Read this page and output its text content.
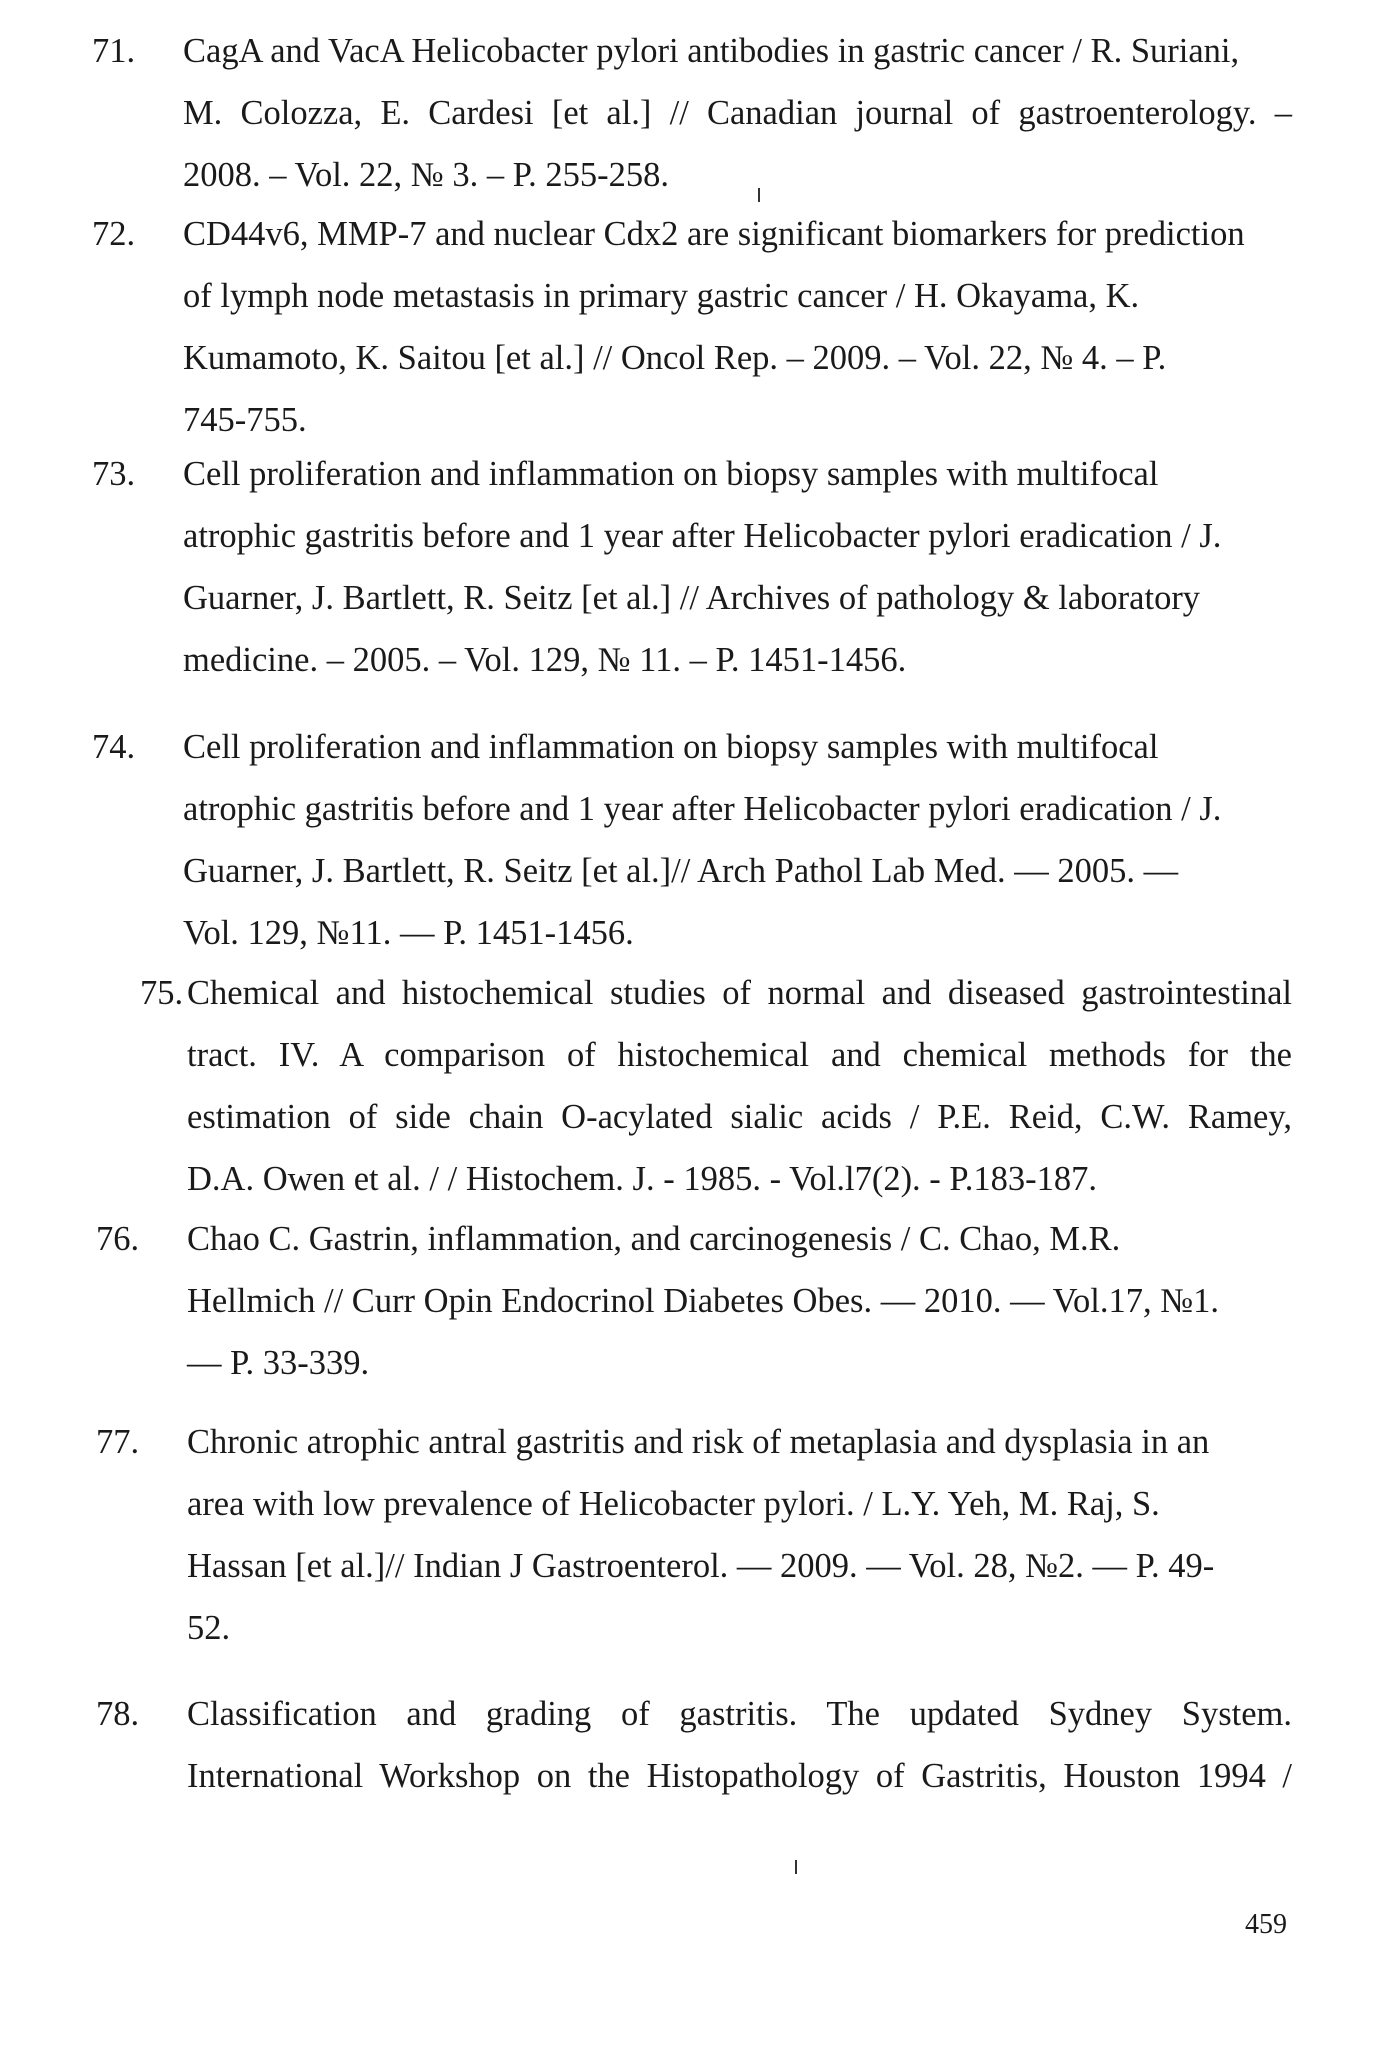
71. CagA and VacA Helicobacter pylori antibodies in gastric cancer / R. Suriani,
M. Colozza, E. Cardesi [et al.] // Canadian journal of gastroenterology. –
2008. – Vol. 22, № 3. – P. 255-258.
72. CD44v6, MMP-7 and nuclear Cdx2 are significant biomarkers for prediction
of lymph node metastasis in primary gastric cancer / H. Okayama, K.
Kumamoto, K. Saitou [et al.] // Oncol Rep. – 2009. – Vol. 22, № 4. – P.
745-755.
73. Cell proliferation and inflammation on biopsy samples with multifocal
atrophic gastritis before and 1 year after Helicobacter pylori eradication / J.
Guarner, J. Bartlett, R. Seitz [et al.] // Archives of pathology & laboratory
medicine. – 2005. – Vol. 129, № 11. – P. 1451-1456.
74. Cell proliferation and inflammation on biopsy samples with multifocal
atrophic gastritis before and 1 year after Helicobacter pylori eradication / J.
Guarner, J. Bartlett, R. Seitz [et al.]// Arch Pathol Lab Med. — 2005. —
Vol. 129, №11. — P. 1451-1456.
75. Chemical and histochemical studies of normal and diseased gastrointestinal
tract. IV. A comparison of histochemical and chemical methods for the
estimation of side chain O-acylated sialic acids / P.E. Reid, C.W. Ramey,
D.A. Owen et al. / / Histochem. J. - 1985. - Vol.l7(2). - P.183-187.
76. Chao C. Gastrin, inflammation, and carcinogenesis / C. Chao, M.R.
Hellmich // Curr Opin Endocrinol Diabetes Obes. — 2010. — Vol.17, №1.
— P. 33-339.
77. Chronic atrophic antral gastritis and risk of metaplasia and dysplasia in an
area with low prevalence of Helicobacter pylori. / L.Y. Yeh, M. Raj, S.
Hassan [et al.]// Indian J Gastroenterol. — 2009. — Vol. 28, №2. — P. 49-
52.
78. Classification and grading of gastritis. The updated Sydney System.
International Workshop on the Histopathology of Gastritis, Houston 1994 /
459
